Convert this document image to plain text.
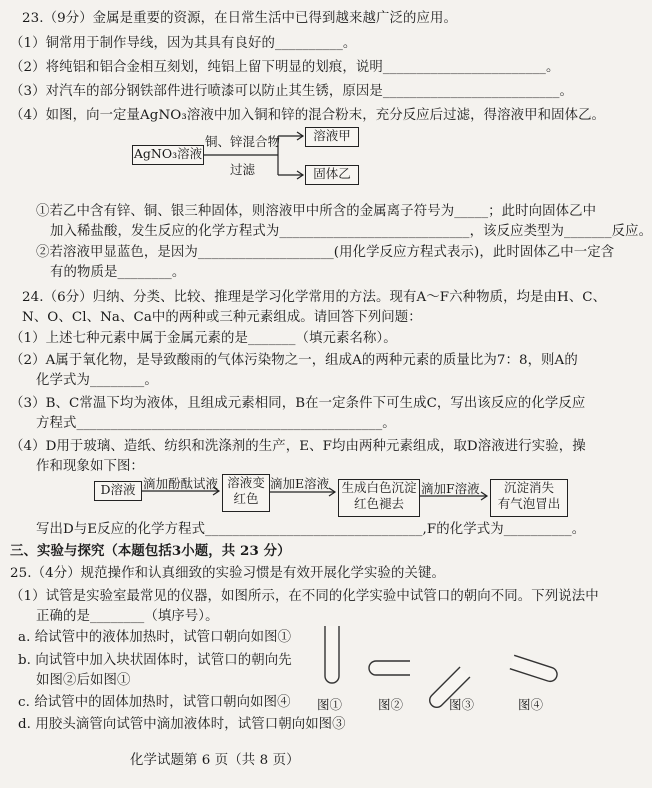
23.（9分）金属是重要的资源，在日常生活中已得到越来越广泛的应用。
（1）铜常用于制作导线，因为其具有良好的__________。
（2）将纯铝和铝合金相互刻划，纯铝上留下明显的划痕，说明________________________。
（3）对汽车的部分钢铁部件进行喷漆可以防止其生锈，原因是__________________________。
（4）如图，向一定量AgNO₃溶液中加入铜和锌的混合粉末，充分反应后过滤，得溶液甲和固体乙。
AgNO₃溶液
铜、锌混合物
过滤
溶液甲
固体乙
①若乙中含有锌、铜、银三种固体，则溶液甲中所含的金属离子符号为_____；此时向固体乙中
加入稀盐酸，发生反应的化学方程式为____________________________，该反应类型为_______反应。
②若溶液甲显蓝色，是因为____________________(用化学反应方程式表示)，此时固体乙中一定含
有的物质是________。
24.（6分）归纳、分类、比较、推理是学习化学常用的方法。现有A～F六种物质，均是由H、C、
N、O、Cl、Na、Ca中的两种或三种元素组成。请回答下列问题：
（1）上述七种元素中属于金属元素的是_______（填元素名称）。
（2）A属于氧化物，是导致酸雨的气体污染物之一，组成A的两种元素的质量比为7：8，则A的
化学式为________。
（3）B、C常温下均为液体，且组成元素相同，B在一定条件下可生成C，写出该反应的化学反应
方程式_____________________________________________。
（4）D用于玻璃、造纸、纺织和洗涤剂的生产，E、F均由两种元素组成，取D溶液进行实验，操
作和现象如下图：
D溶液 滴加酚酞试液 溶液变
红色
滴加E溶液 生成白色沉淀
红色褪去
滴加F溶液	沉淀消失
有气泡冒出
写出D与E反应的化学方程式________________________________,F的化学式为__________。
三、实验与探究（本题包括3小题，共 23 分）
25.（4分）规范操作和认真细致的实验习惯是有效开展化学实验的关键。
（1）试管是实验室最常见的仪器，如图所示，在不同的化学实验中试管口的朝向不同。下列说法中
正确的是________（填序号）。
a. 给试管中的液体加热时，试管口朝向如图①
b. 向试管中加入块状固体时，试管口的朝向先
如图②后如图①
c. 给试管中的固体加热时，试管口朝向如图④
d. 用胶头滴管向试管中滴加液体时，试管口朝向如图③
图①	图②	图③	图④
化学试题第 6 页（共 8 页）
